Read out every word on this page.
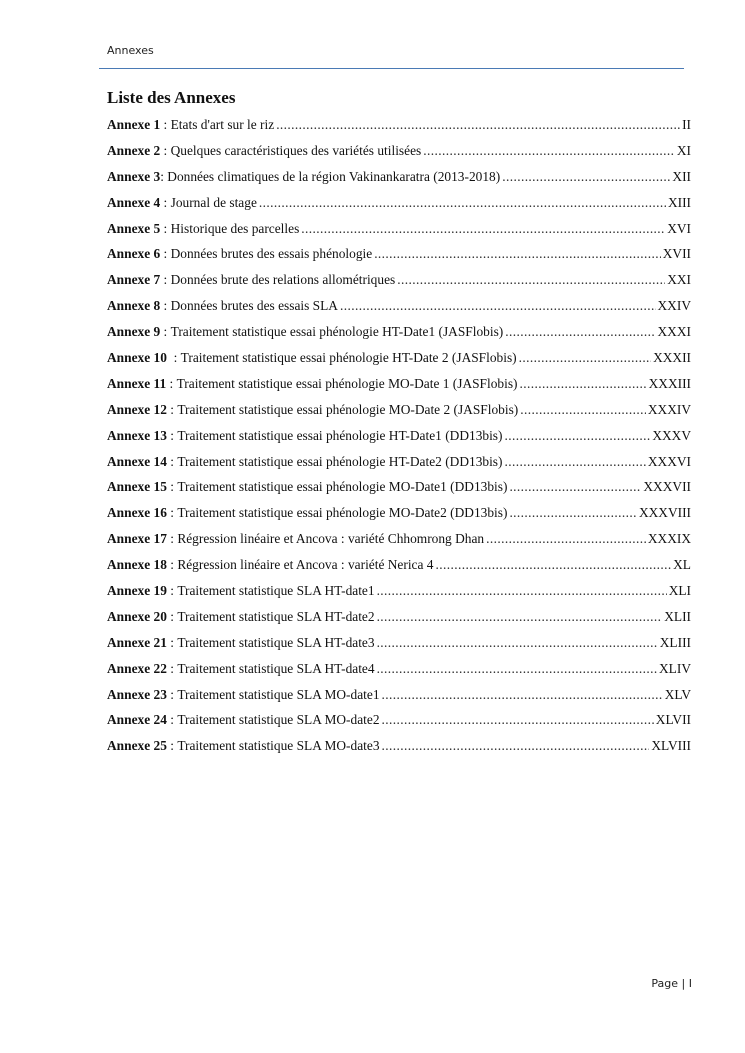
Annexes
Liste des Annexes
Annexe 1 : Etats d'art sur le riz .....	II
Annexe 2 : Quelques caractéristiques des variétés utilisées .....	XI
Annexe 3 : Données climatiques de la région Vakinankaratra (2013-2018) .....	XII
Annexe 4 : Journal de stage .....	XIII
Annexe 5 : Historique des parcelles .....	XVI
Annexe 6 : Données brutes des essais phénologie .....	XVII
Annexe 7 : Données brute des relations allométriques .....	XXI
Annexe 8 : Données brutes des essais SLA .....	XXIV
Annexe 9 : Traitement statistique essai phénologie HT-Date1 (JASFlobis) .....	XXXI
Annexe 10 : Traitement statistique essai phénologie HT-Date 2 (JASFlobis) .....	XXXII
Annexe 11 : Traitement statistique essai phénologie MO-Date 1 (JASFlobis) .....	XXXIII
Annexe 12 : Traitement statistique essai phénologie MO-Date 2 (JASFlobis) .....	XXXIV
Annexe 13 : Traitement statistique essai phénologie HT-Date1 (DD13bis) .....	XXXV
Annexe 14 : Traitement statistique essai phénologie HT-Date2 (DD13bis) .....	XXXVI
Annexe 15 : Traitement statistique essai phénologie MO-Date1 (DD13bis) .....	XXXVII
Annexe 16 : Traitement statistique essai phénologie MO-Date2 (DD13bis) .....	XXXVIII
Annexe 17 : Régression linéaire et Ancova : variété Chhomrong Dhan .....	XXXIX
Annexe 18 : Régression linéaire et Ancova : variété Nerica 4 .....	XL
Annexe 19 : Traitement statistique SLA HT-date1 .....	XLI
Annexe 20 : Traitement statistique SLA HT-date2 .....	XLII
Annexe 21 : Traitement statistique SLA HT-date3 .....	XLIII
Annexe 22 : Traitement statistique SLA HT-date4 .....	XLIV
Annexe 23 : Traitement statistique SLA MO-date1 .....	XLV
Annexe 24 : Traitement statistique SLA MO-date2 .....	XLVII
Annexe 25 : Traitement statistique SLA MO-date3 .....	XLVIII
Page | I
